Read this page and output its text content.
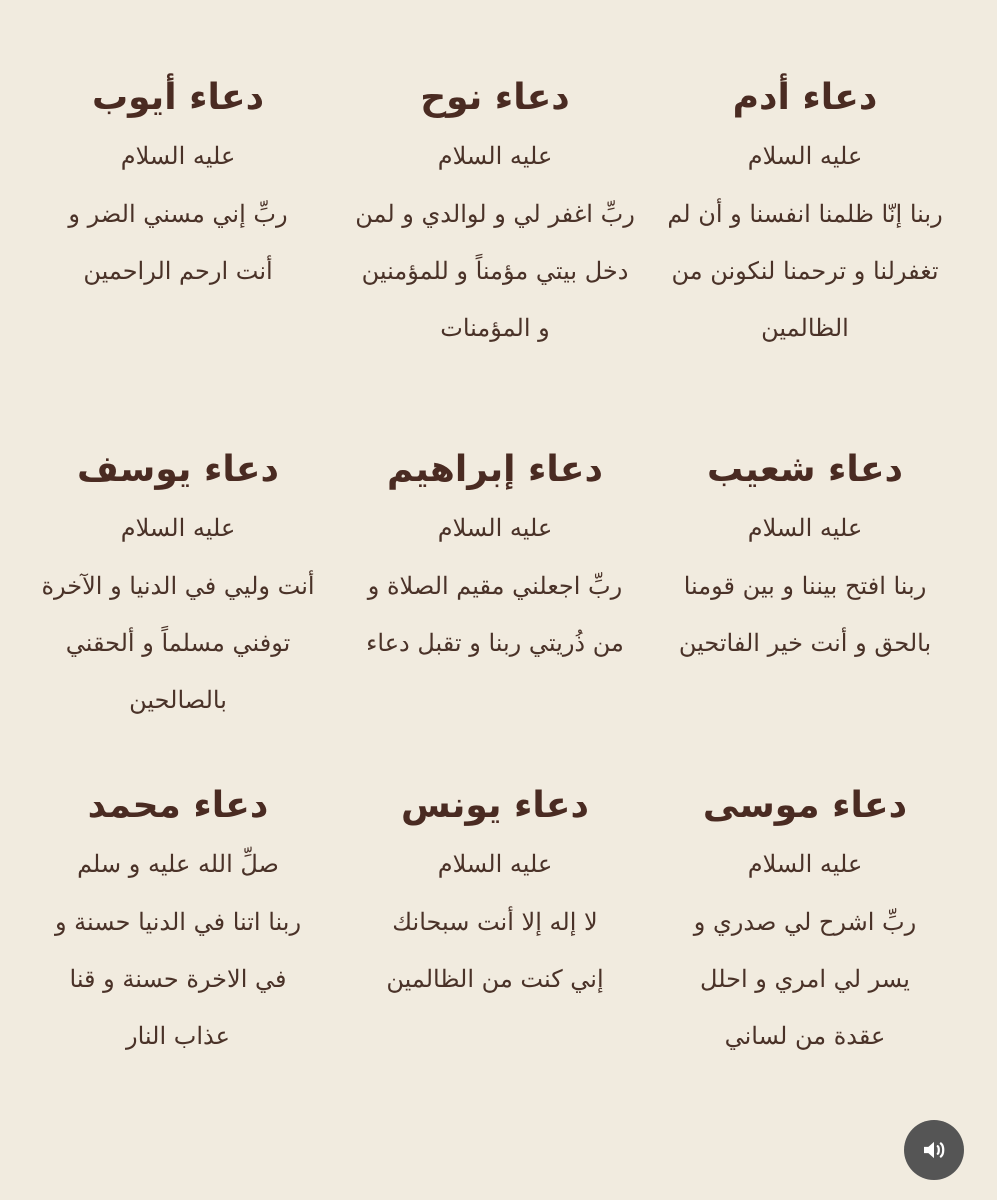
دعاء أدم
عليه السلام
ربنا إنّا ظلمنا انفسنا و أن لم
تغفرلنا و ترحمنا لنكونن من
الظالمين
دعاء نوح
عليه السلام
ربِّ اغفر لي و لوالدي و لمن
دخل بيتي مؤمناً و للمؤمنين
و المؤمنات
دعاء أيوب
عليه السلام
ربِّ إني مسني الضر و
أنت ارحم الراحمين
دعاء شعيب
عليه السلام
ربنا افتح بيننا و بين قومنا
بالحق و أنت خير الفاتحين
دعاء إبراهيم
عليه السلام
ربِّ اجعلني مقيم الصلاة و
من ذُريتي ربنا و تقبل دعاء
دعاء يوسف
عليه السلام
أنت وليي في الدنيا و الآخرة
توفني مسلماً و ألحقني
بالصالحين
دعاء موسى
عليه السلام
ربِّ اشرح لي صدري و
يسر لي امري و احلل
عقدة من لساني
دعاء يونس
عليه السلام
لا إله إلا أنت سبحانك
إني كنت من الظالمين
دعاء محمد
صلِّ الله عليه و سلم
ربنا اتنا في الدنيا حسنة و
في الاخرة حسنة و قنا
عذاب النار
